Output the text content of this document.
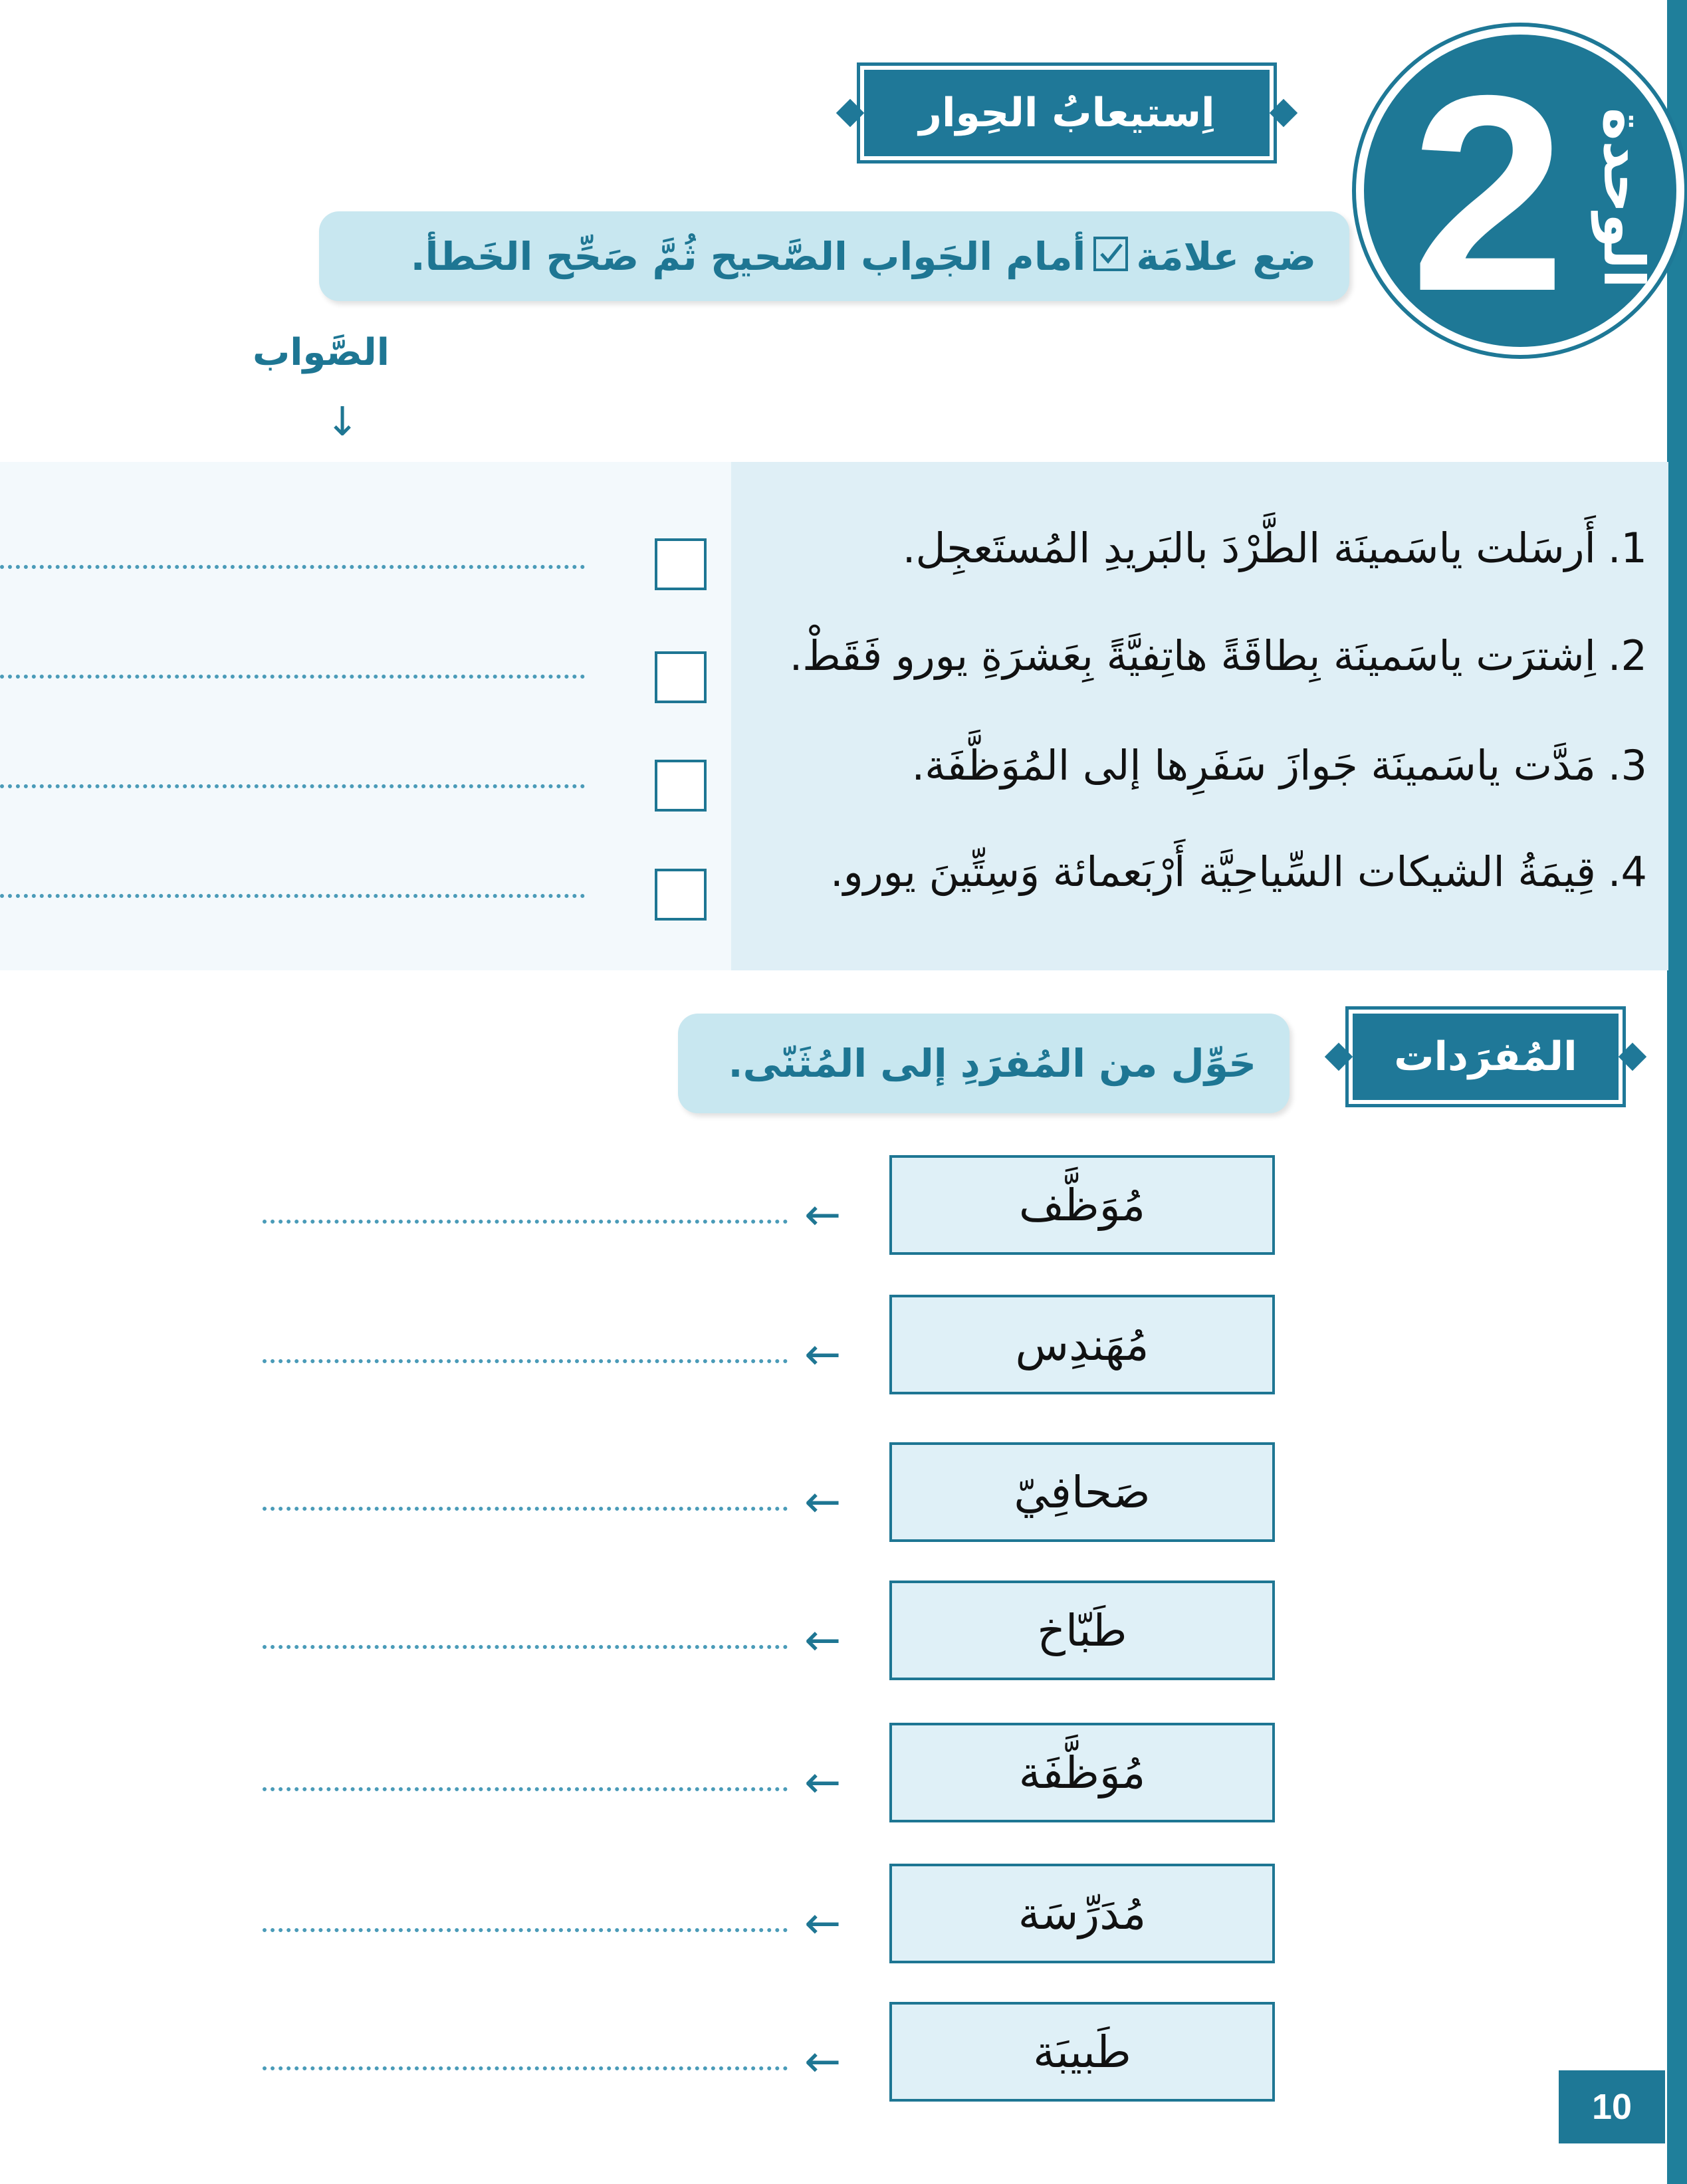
2 الوحدة
اِستيعابُ الحِوار
ضع علامَة
أمام الجَواب الصَّحيح ثُمَّ صَحِّح الخَطأ.
الصَّواب
↓
1.أَرسَلت ياسَمينَة الطَّرْدَ بالبَريدِ المُستَعجِل.
2.اِشترَت ياسَمينَة بِطاقَةً هاتِفيَّةً بِعَشرَةِ يورو فَقَطْ.
3.مَدَّت ياسَمينَة جَوازَ سَفَرِها إلى المُوَظَّفَة.
4.قِيمَةُ الشيكات السِّياحِيَّة أَرْبَعمائة وَسِتِّينَ يورو.
المُفرَدات
حَوِّل من المُفرَدِ إلى المُثَنّى.
مُوَظَّف
←
مُهَندِس
←
صَحافِيّ
←
طَبّاخ
←
مُوَظَّفَة
←
مُدَرِّسَة
←
طَبيبَة
←
10
